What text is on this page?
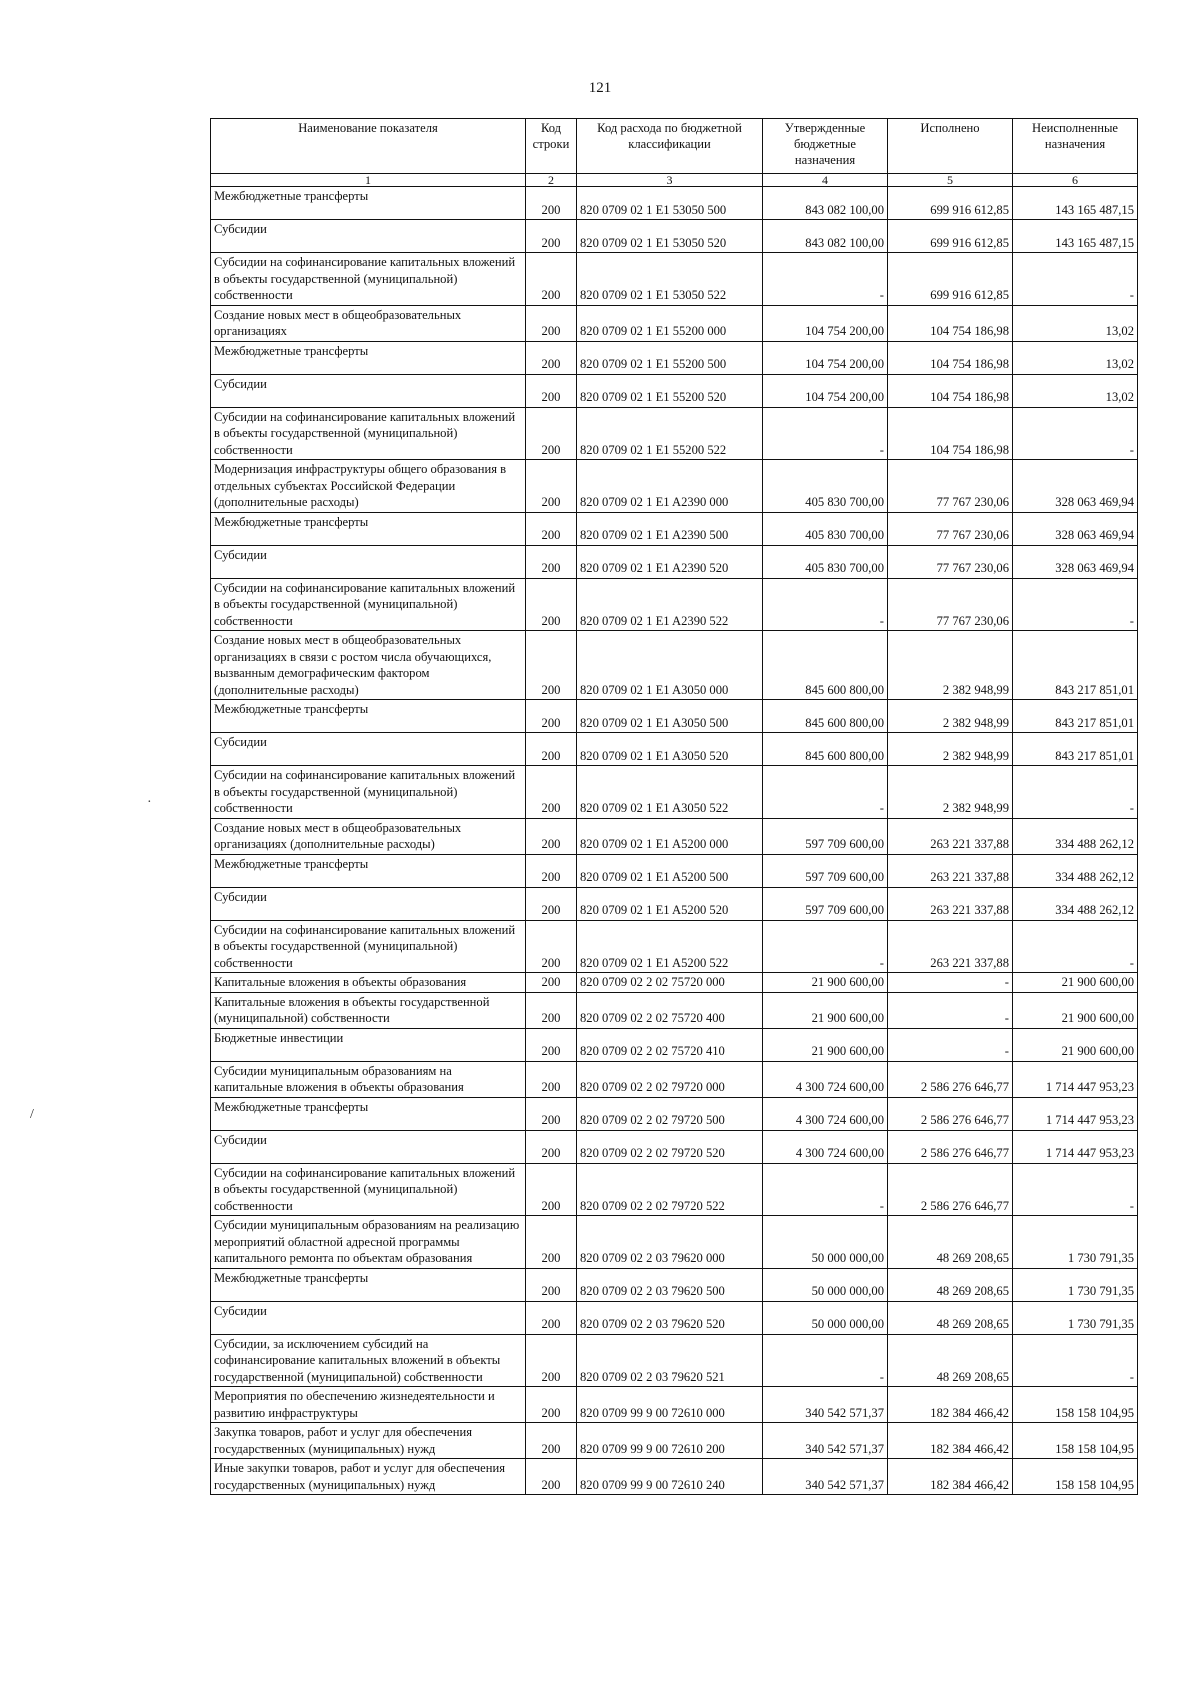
121
Наименование показателя	Код строки	Код расхода по бюджетной классификации	Утвержденные бюджетные назначения	Исполнено	Неисполненные назначения
1	2	3	4	5	6
Межбюджетные трансферты	200	820 0709 02 1 E1 53050 500	843 082 100,00	699 916 612,85	143 165 487,15
Субсидии	200	820 0709 02 1 E1 53050 520	843 082 100,00	699 916 612,85	143 165 487,15
Субсидии на софинансирование капитальных вложений в объекты государственной (муниципальной) собственности	200	820 0709 02 1 E1 53050 522	-	699 916 612,85	-
Создание новых мест в общеобразовательных организациях	200	820 0709 02 1 E1 55200 000	104 754 200,00	104 754 186,98	13,02
Межбюджетные трансферты	200	820 0709 02 1 E1 55200 500	104 754 200,00	104 754 186,98	13,02
Субсидии	200	820 0709 02 1 E1 55200 520	104 754 200,00	104 754 186,98	13,02
Субсидии на софинансирование капитальных вложений в объекты государственной (муниципальной) собственности	200	820 0709 02 1 E1 55200 522	-	104 754 186,98	-
Модернизация инфраструктуры общего образования в отдельных субъектах Российской Федерации (дополнительные расходы)	200	820 0709 02 1 E1 A2390 000	405 830 700,00	77 767 230,06	328 063 469,94
Межбюджетные трансферты	200	820 0709 02 1 E1 A2390 500	405 830 700,00	77 767 230,06	328 063 469,94
Субсидии	200	820 0709 02 1 E1 A2390 520	405 830 700,00	77 767 230,06	328 063 469,94
Субсидии на софинансирование капитальных вложений в объекты государственной (муниципальной) собственности	200	820 0709 02 1 E1 A2390 522	-	77 767 230,06	-
Создание новых мест в общеобразовательных организациях в связи с ростом числа обучающихся, вызванным демографическим фактором (дополнительные расходы)	200	820 0709 02 1 E1 A3050 000	845 600 800,00	2 382 948,99	843 217 851,01
Межбюджетные трансферты	200	820 0709 02 1 E1 A3050 500	845 600 800,00	2 382 948,99	843 217 851,01
Субсидии	200	820 0709 02 1 E1 A3050 520	845 600 800,00	2 382 948,99	843 217 851,01
Субсидии на софинансирование капитальных вложений в объекты государственной (муниципальной) собственности	200	820 0709 02 1 E1 A3050 522	-	2 382 948,99	-
Создание новых мест в общеобразовательных организациях (дополнительные расходы)	200	820 0709 02 1 E1 A5200 000	597 709 600,00	263 221 337,88	334 488 262,12
Межбюджетные трансферты	200	820 0709 02 1 E1 A5200 500	597 709 600,00	263 221 337,88	334 488 262,12
Субсидии	200	820 0709 02 1 E1 A5200 520	597 709 600,00	263 221 337,88	334 488 262,12
Субсидии на софинансирование капитальных вложений в объекты государственной (муниципальной) собственности	200	820 0709 02 1 E1 A5200 522	-	263 221 337,88	-
Капитальные вложения в объекты образования	200	820 0709 02 2 02 75720 000	21 900 600,00	-	21 900 600,00
Капитальные вложения в объекты государственной (муниципальной) собственности	200	820 0709 02 2 02 75720 400	21 900 600,00	-	21 900 600,00
Бюджетные инвестиции	200	820 0709 02 2 02 75720 410	21 900 600,00	-	21 900 600,00
Субсидии муниципальным образованиям на капитальные вложения в объекты образования	200	820 0709 02 2 02 79720 000	4 300 724 600,00	2 586 276 646,77	1 714 447 953,23
Межбюджетные трансферты	200	820 0709 02 2 02 79720 500	4 300 724 600,00	2 586 276 646,77	1 714 447 953,23
Субсидии	200	820 0709 02 2 02 79720 520	4 300 724 600,00	2 586 276 646,77	1 714 447 953,23
Субсидии на софинансирование капитальных вложений в объекты государственной (муниципальной) собственности	200	820 0709 02 2 02 79720 522	-	2 586 276 646,77	-
Субсидии муниципальным образованиям на реализацию мероприятий областной адресной программы капитального ремонта по объектам образования	200	820 0709 02 2 03 79620 000	50 000 000,00	48 269 208,65	1 730 791,35
Межбюджетные трансферты	200	820 0709 02 2 03 79620 500	50 000 000,00	48 269 208,65	1 730 791,35
Субсидии	200	820 0709 02 2 03 79620 520	50 000 000,00	48 269 208,65	1 730 791,35
Субсидии, за исключением субсидий на софинансирование капитальных вложений в объекты государственной (муниципальной) собственности	200	820 0709 02 2 03 79620 521	-	48 269 208,65	-
Мероприятия по обеспечению жизнедеятельности и развитию инфраструктуры	200	820 0709 99 9 00 72610 000	340 542 571,37	182 384 466,42	158 158 104,95
Закупка товаров, работ и услуг для обеспечения государственных (муниципальных) нужд	200	820 0709 99 9 00 72610 200	340 542 571,37	182 384 466,42	158 158 104,95
Иные закупки товаров, работ и услуг для обеспечения государственных (муниципальных) нужд	200	820 0709 99 9 00 72610 240	340 542 571,37	182 384 466,42	158 158 104,95
·
/
